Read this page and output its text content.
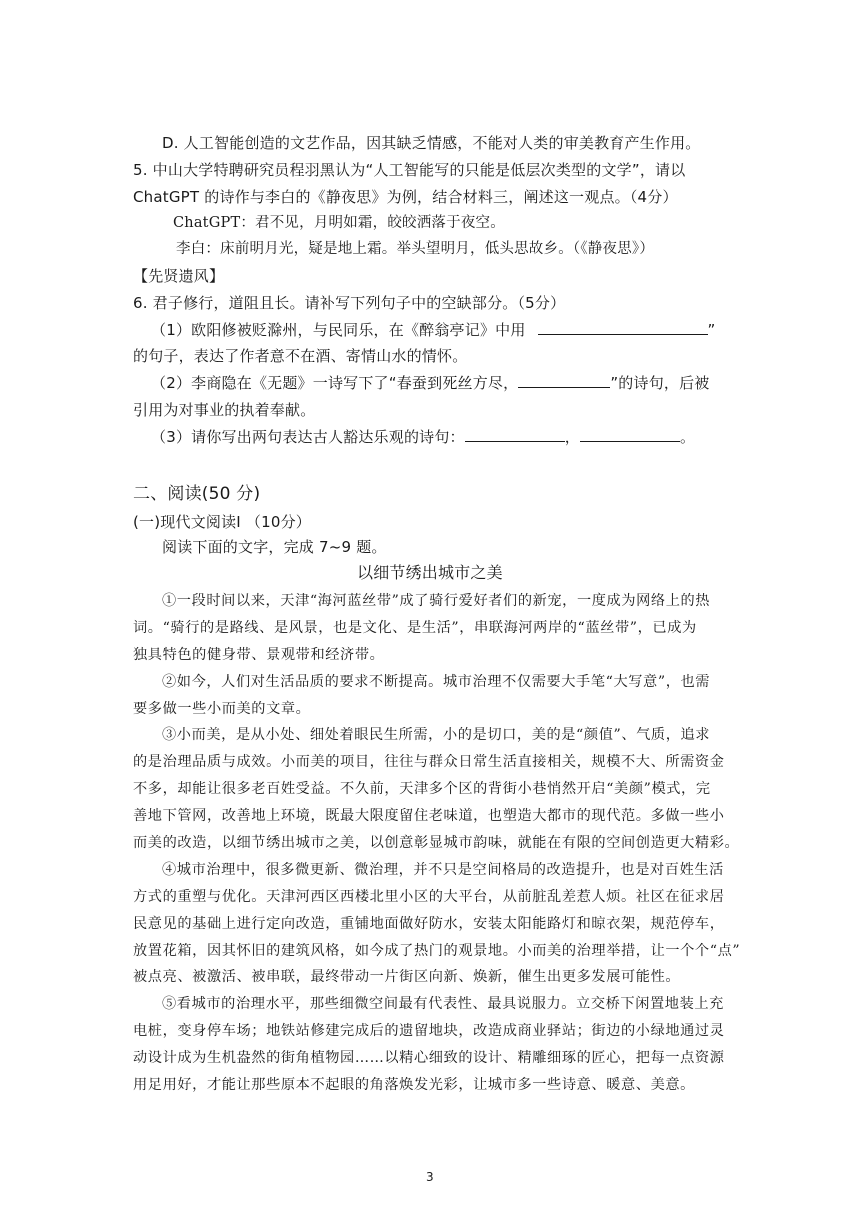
D. 人工智能创造的文艺作品，因其缺乏情感，不能对人类的审美教育产生作用。
5. 中山大学特聘研究员程羽黑认为“人工智能写的只能是低层次类型的文学”，请以
ChatGPT 的诗作与李白的《静夜思》为例，结合材料三，阐述这一观点。（4分）
ChatGPT：君不见，月明如霜，皎皎洒落于夜空。
李白：床前明月光，疑是地上霜。举头望明月，低头思故乡。（《静夜思》）
【先贤遗风】
6. 君子修行，道阻且长。请补写下列句子中的空缺部分。（5分）
（1）欧阳修被贬滁州，与民同乐，在《醉翁亭记》中用	”
的句子，表达了作者意不在酒、寄情山水的情怀。
（2）李商隐在《无题》一诗写下了“春蚕到死丝方尽，	”的诗句，后被
引用为对事业的执着奉献。
（3）请你写出两句表达古人豁达乐观的诗句：	，	。
二、阅读(50 分)
(一)现代文阅读Ⅰ （10分）
阅读下面的文字，完成 7~9 题。
以细节绣出城市之美
①一段时间以来，天津“海河蓝丝带”成了骑行爱好者们的新宠，一度成为网络上的热
词。“骑行的是路线、是风景，也是文化、是生活”，串联海河两岸的“蓝丝带”，已成为
独具特色的健身带、景观带和经济带。
②如今，人们对生活品质的要求不断提高。城市治理不仅需要大手笔“大写意”，也需
要多做一些小而美的文章。
③小而美，是从小处、细处着眼民生所需，小的是切口，美的是“颜值”、气质，追求
的是治理品质与成效。小而美的项目，往往与群众日常生活直接相关，规模不大、所需资金
不多，却能让很多老百姓受益。不久前，天津多个区的背街小巷悄然开启“美颜”模式，完
善地下管网，改善地上环境，既最大限度留住老味道，也塑造大都市的现代范。多做一些小
而美的改造，以细节绣出城市之美，以创意彰显城市韵味，就能在有限的空间创造更大精彩。
④城市治理中，很多微更新、微治理，并不只是空间格局的改造提升，也是对百姓生活
方式的重塑与优化。天津河西区西楼北里小区的大平台，从前脏乱差惹人烦。社区在征求居
民意见的基础上进行定向改造，重铺地面做好防水，安装太阳能路灯和晾衣架，规范停车，
放置花箱，因其怀旧的建筑风格，如今成了热门的观景地。小而美的治理举措，让一个个“点”
被点亮、被激活、被串联，最终带动一片街区向新、焕新，催生出更多发展可能性。
⑤看城市的治理水平，那些细微空间最有代表性、最具说服力。立交桥下闲置地装上充
电桩，变身停车场；地铁站修建完成后的遗留地块，改造成商业驿站；街边的小绿地通过灵
动设计成为生机盎然的街角植物园……以精心细致的设计、精雕细琢的匠心，把每一点资源
用足用好，才能让那些原本不起眼的角落焕发光彩，让城市多一些诗意、暖意、美意。
3
